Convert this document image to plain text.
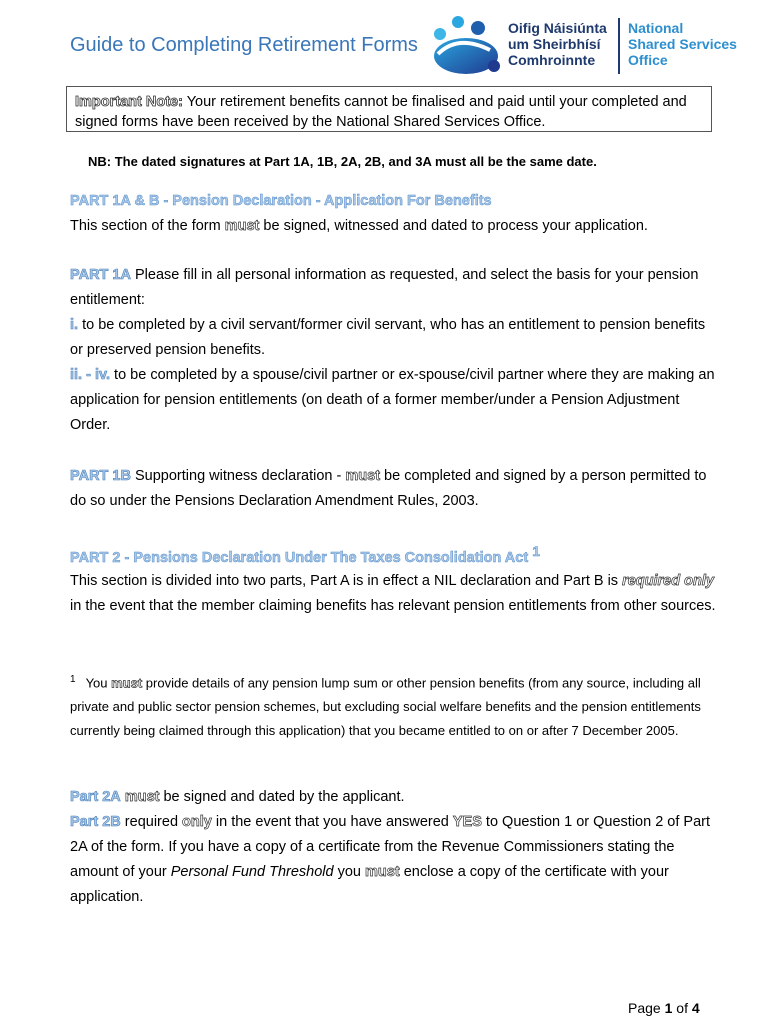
Guide to Completing Retirement Forms
Oifig Náisiúnta
um Sheirbhísí
Comhroinnte
National
Shared Services
Office
Important Note: Your retirement benefits cannot be finalised and paid until your completed and signed forms have been received by the National Shared Services Office.
NB: The dated signatures at Part 1A, 1B, 2A, 2B, and 3A must all be the same date.
PART 1A & B - Pension Declaration - Application For Benefits
This section of the form must be signed, witnessed and dated to process your application.
PART 1A Please fill in all personal information as requested, and select the basis for your pension entitlement:
i. to be completed by a civil servant/former civil servant, who has an entitlement to pension benefits or preserved pension benefits.
ii. - iv. to be completed by a spouse/civil partner or ex-spouse/civil partner where they are making an application for pension entitlements (on death of a former member/under a Pension Adjustment Order.
PART 1B Supporting witness declaration - must be completed and signed by a person permitted to do so under the Pensions Declaration Amendment Rules, 2003.
PART 2 - Pensions Declaration Under The Taxes Consolidation Act 1
This section is divided into two parts, Part A is in effect a NIL declaration and Part B is required only in the event that the member claiming benefits has relevant pension entitlements from other sources.
$^1$ You must provide details of any pension lump sum or other pension benefits (from any source, including all private and public sector pension schemes, but excluding social welfare benefits and the pension entitlements currently being claimed through this application) that you became entitled to on or after 7 December 2005.
Part 2A must be signed and dated by the applicant.
Part 2B required only in the event that you have answered YES to Question 1 or Question 2 of Part 2A of the form. If you have a copy of a certificate from the Revenue Commissioners stating the amount of your Personal Fund Threshold you must enclose a copy of the certificate with your application.
Page 1 of 4
